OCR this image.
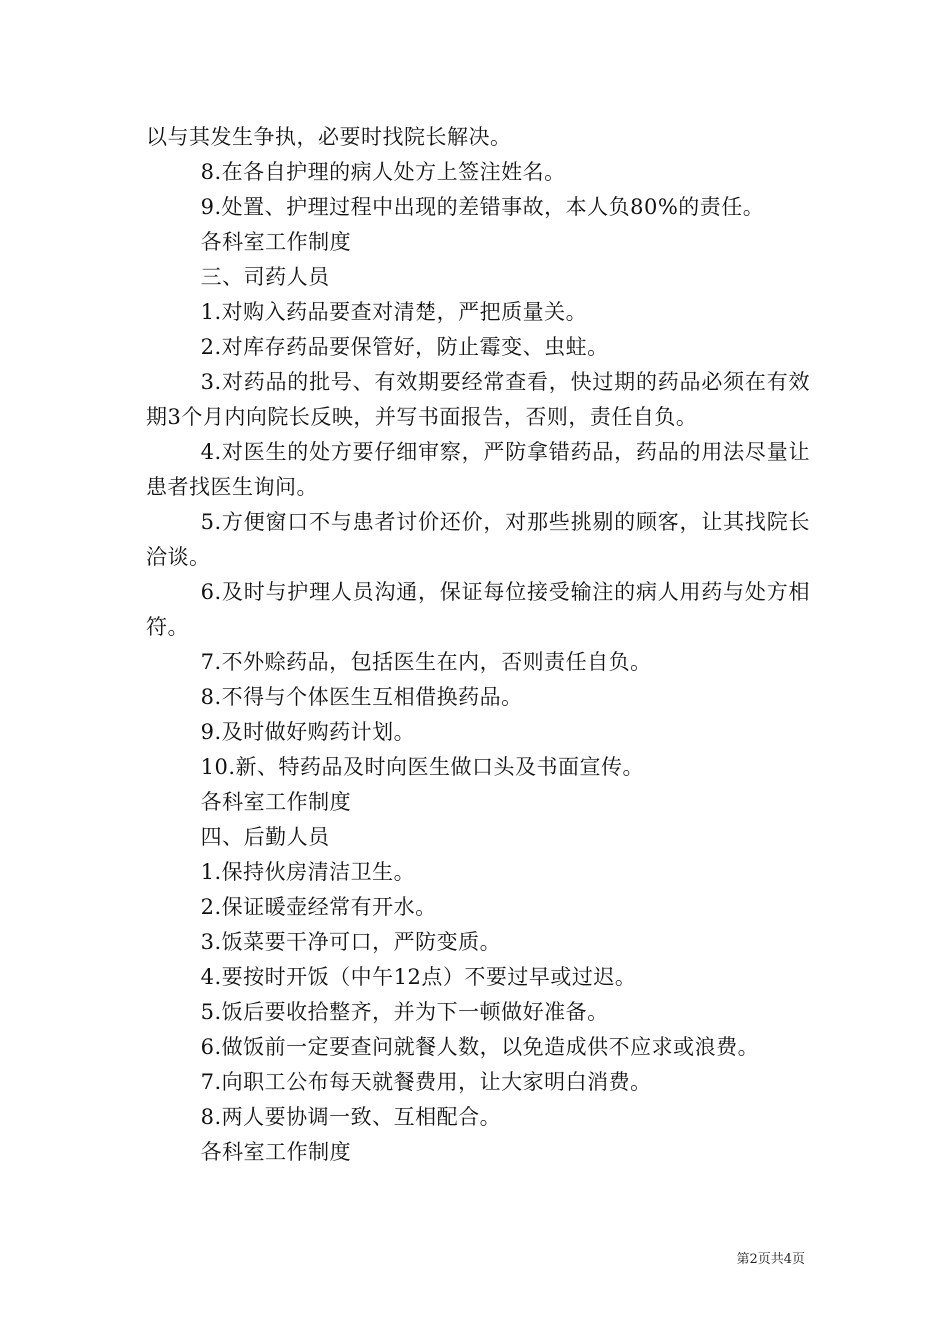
以与其发生争执，必要时找院长解决。

8.在各自护理的病人处方上签注姓名。

9.处置、护理过程中出现的差错事故，本人负80%的责任。

各科室工作制度

三、司药人员

1.对购入药品要查对清楚，严把质量关。

2.对库存药品要保管好，防止霉变、虫蛀。

3.对药品的批号、有效期要经常查看，快过期的药品必须在有效期3个月内向院长反映，并写书面报告，否则，责任自负。

4.对医生的处方要仔细审察，严防拿错药品，药品的用法尽量让患者找医生询问。

5.方便窗口不与患者讨价还价，对那些挑剔的顾客，让其找院长洽谈。

6.及时与护理人员沟通，保证每位接受输注的病人用药与处方相符。

7.不外赊药品，包括医生在内，否则责任自负。

8.不得与个体医生互相借换药品。

9.及时做好购药计划。

10.新、特药品及时向医生做口头及书面宣传。

各科室工作制度

四、后勤人员

1.保持伙房清洁卫生。

2.保证暖壶经常有开水。

3.饭菜要干净可口，严防变质。

4.要按时开饭（中午12点）不要过早或过迟。

5.饭后要收拾整齐，并为下一顿做好准备。

6.做饭前一定要查问就餐人数，以免造成供不应求或浪费。

7.向职工公布每天就餐费用，让大家明白消费。

8.两人要协调一致、互相配合。

各科室工作制度

第2页共4页
